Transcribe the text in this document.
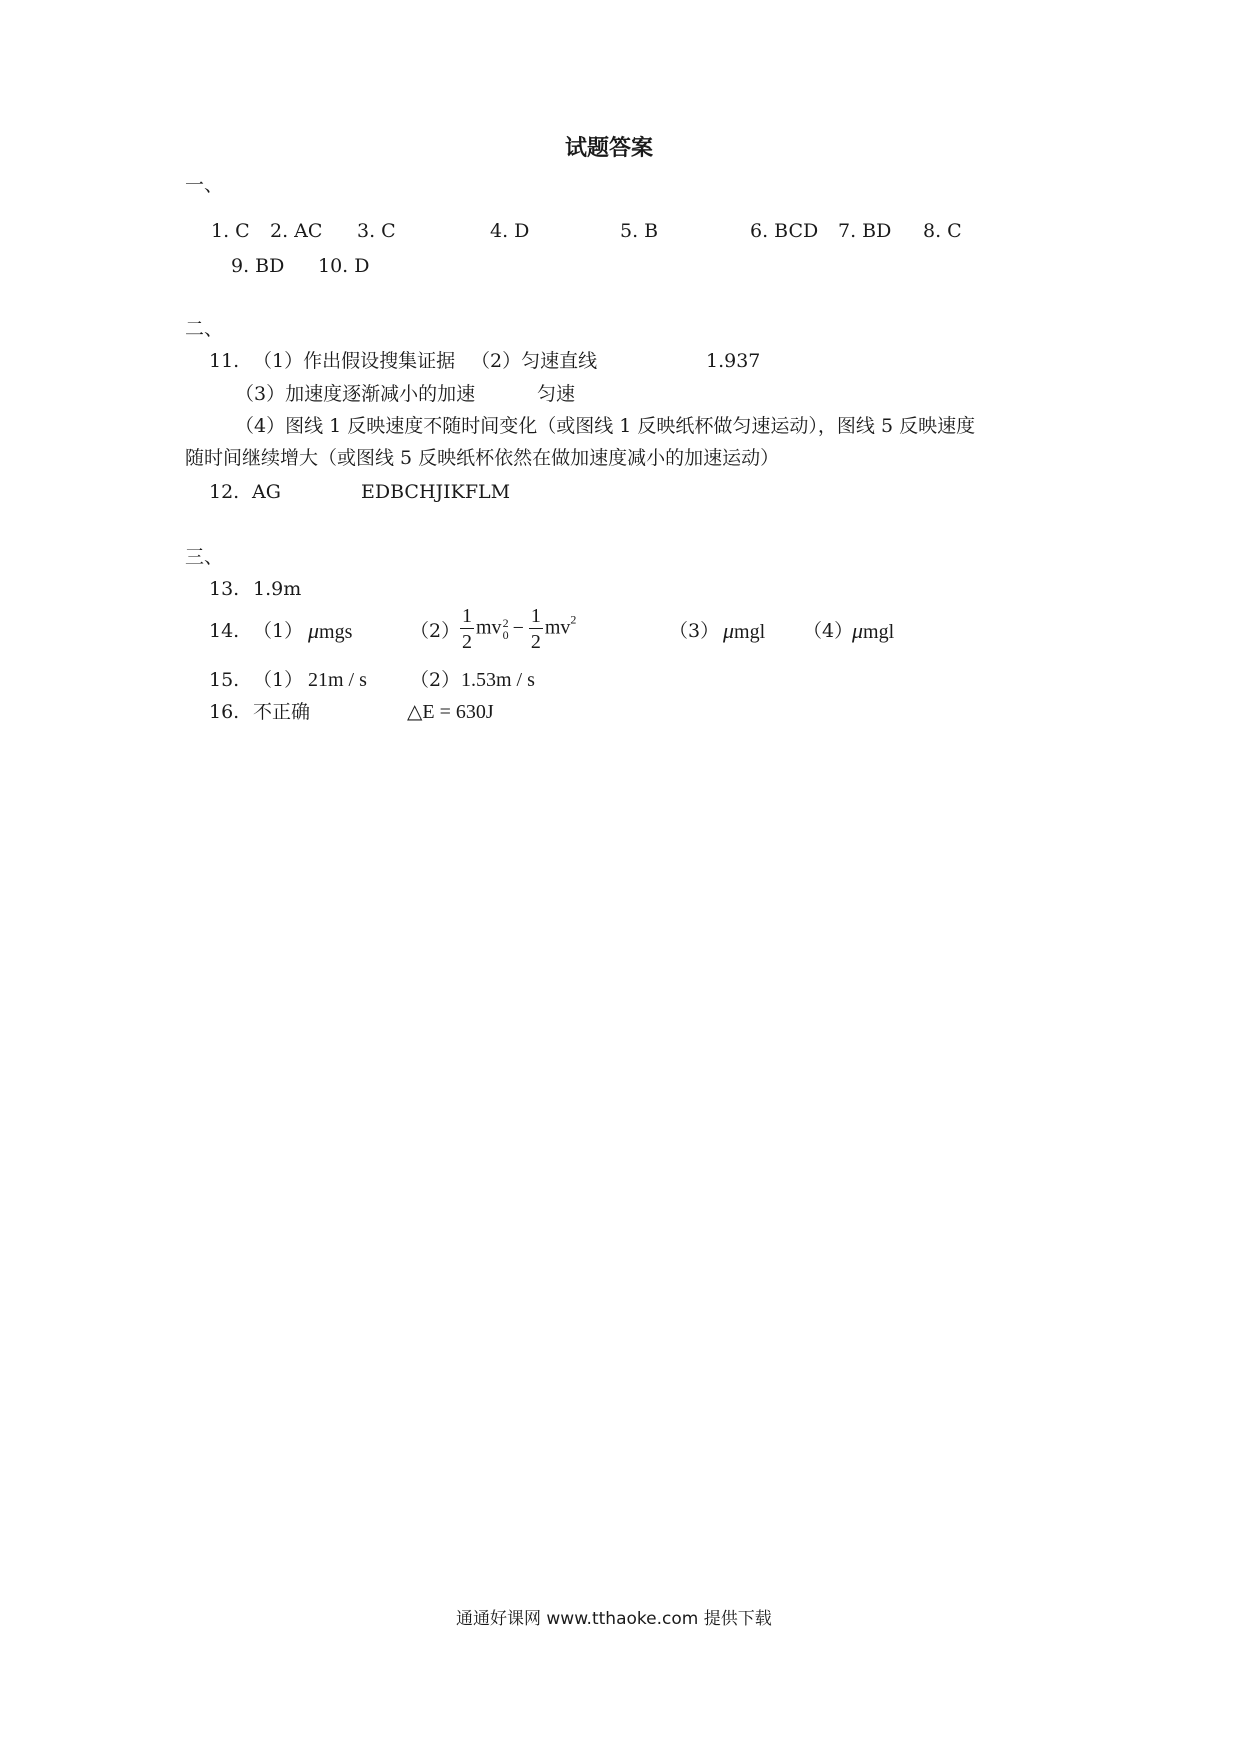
试题答案
一、
1. C 2. AC 3. C	4. D	5. B	6. BCD 7. BD 8. C
9. BD 10. D
二、
11. （1）作出假设搜集证据 （2）匀速直线	1.937
（3）加速度逐渐减小的加速	匀速
（4）图线 1 反映速度不随时间变化（或图线 1 反映纸杯做匀速运动），图线 5 反映速度
随时间继续增大（或图线 5 反映纸杯依然在做加速度减小的加速运动）
12. AG	EDBCHJIKFLM
三、
13. 1.9m
14. （1） μmgs	$(2) \frac{1}{2}$ mv 2
$0 - \frac{1}{2} mv^2$
（3） μmgl （4）
μmgl
15. （1） 21m / s （2） 1.53m / s
16. 不正确	△E = 630J
通通好课网 www.tthaoke.com 提供下载
